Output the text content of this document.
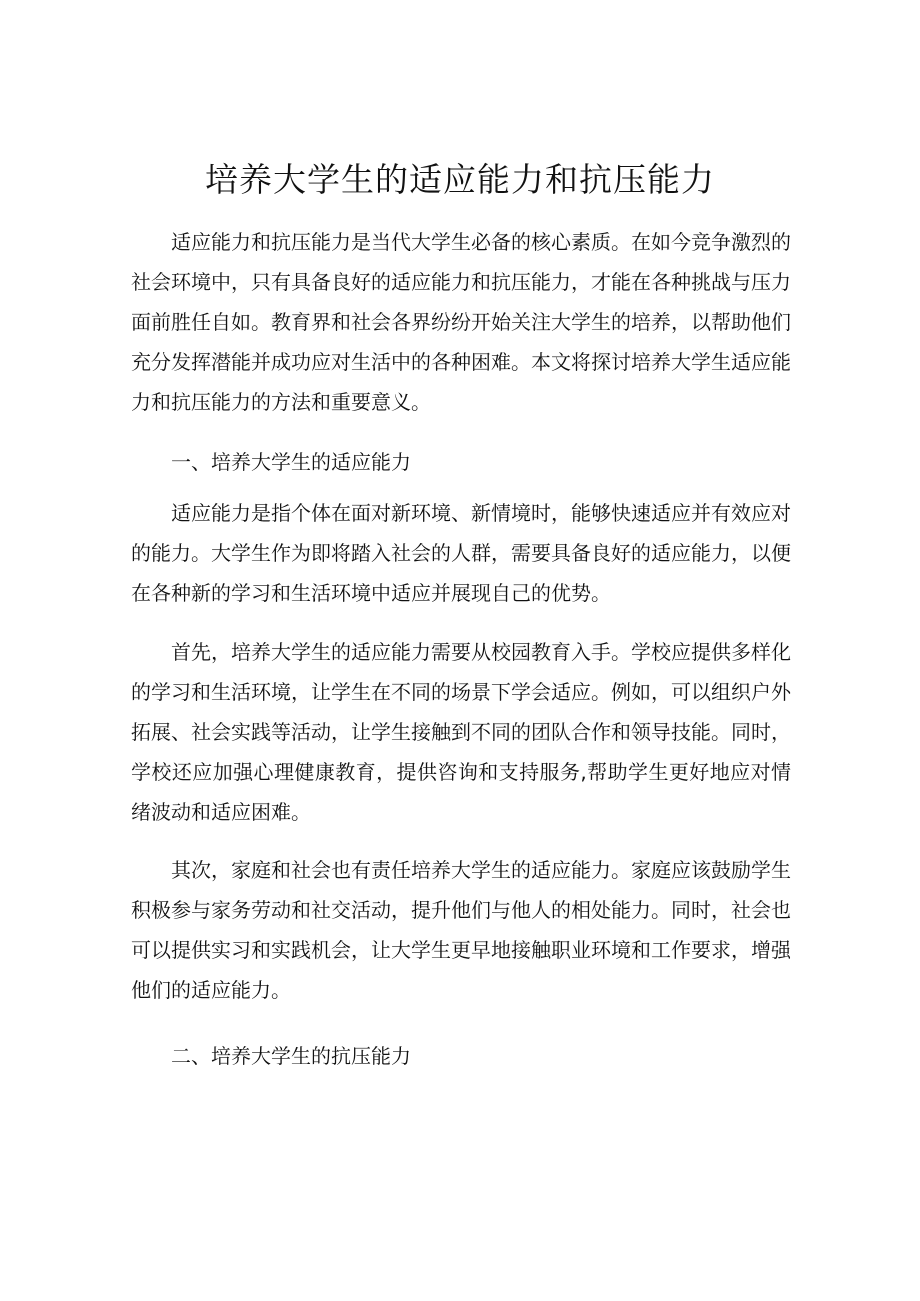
培养大学生的适应能力和抗压能力

适应能力和抗压能力是当代大学生必备的核心素质。在如今竞争激烈的社会环境中，只有具备良好的适应能力和抗压能力，才能在各种挑战与压力面前胜任自如。教育界和社会各界纷纷开始关注大学生的培养，以帮助他们充分发挥潜能并成功应对生活中的各种困难。本文将探讨培养大学生适应能力和抗压能力的方法和重要意义。

一、培养大学生的适应能力

适应能力是指个体在面对新环境、新情境时，能够快速适应并有效应对的能力。大学生作为即将踏入社会的人群，需要具备良好的适应能力，以便在各种新的学习和生活环境中适应并展现自己的优势。

首先，培养大学生的适应能力需要从校园教育入手。学校应提供多样化的学习和生活环境，让学生在不同的场景下学会适应。例如，可以组织户外拓展、社会实践等活动，让学生接触到不同的团队合作和领导技能。同时，学校还应加强心理健康教育，提供咨询和支持服务,帮助学生更好地应对情绪波动和适应困难。

其次，家庭和社会也有责任培养大学生的适应能力。家庭应该鼓励学生积极参与家务劳动和社交活动，提升他们与他人的相处能力。同时，社会也可以提供实习和实践机会，让大学生更早地接触职业环境和工作要求，增强他们的适应能力。

二、培养大学生的抗压能力
